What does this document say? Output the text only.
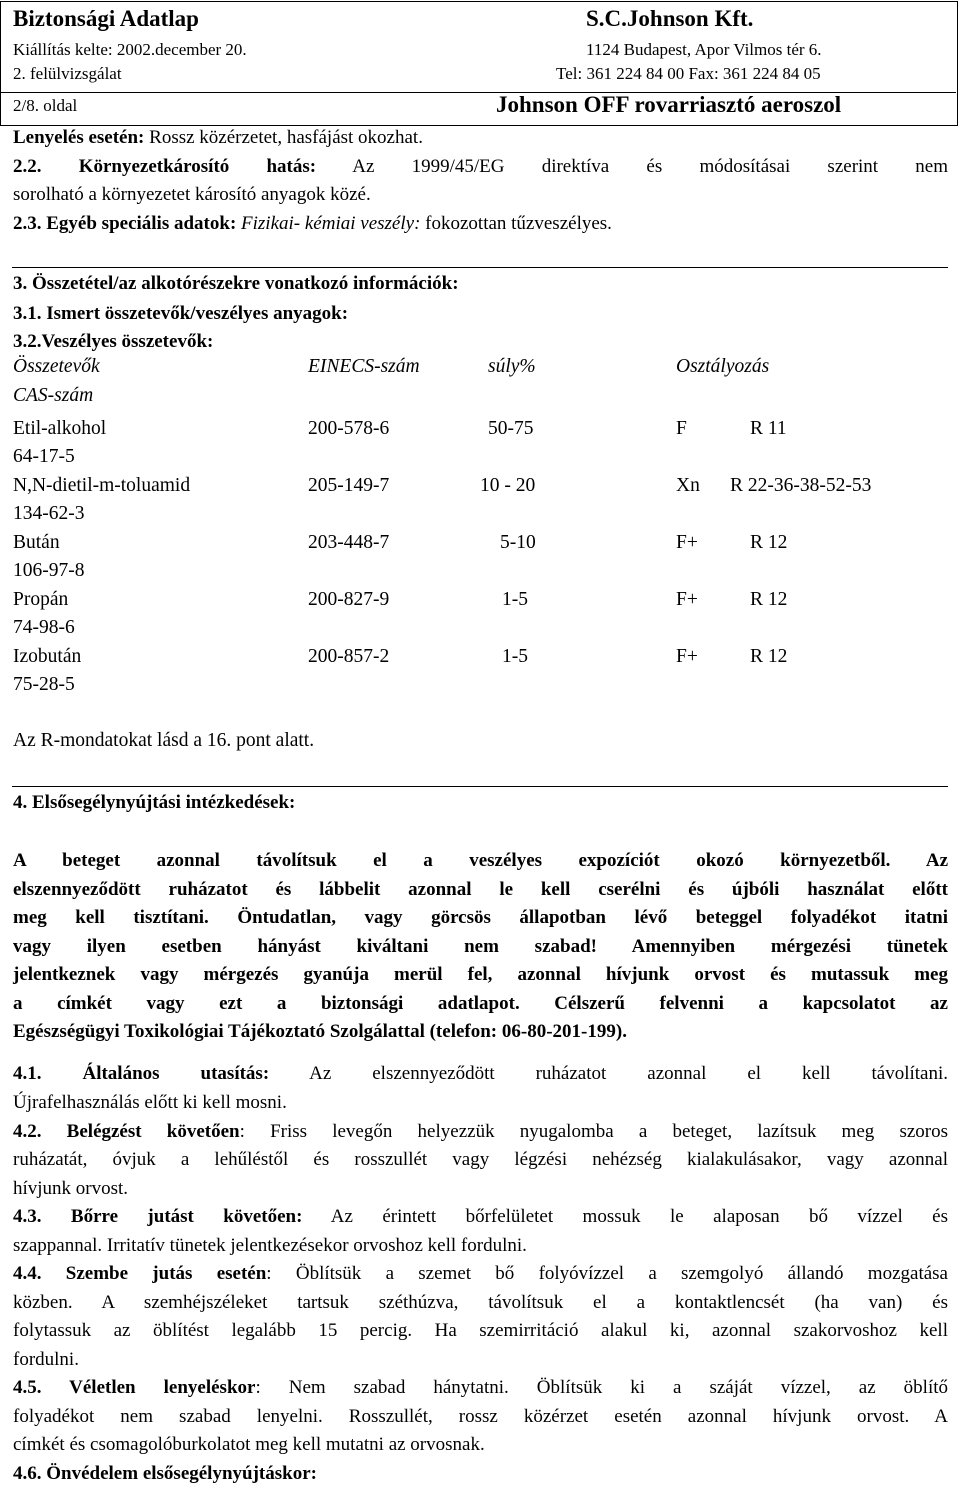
Biztonsági Adatlap	S.C.Johnson Kft.
Kiállítás kelte: 2002.december 20.	1124 Budapest, Apor Vilmos tér 6.
2. felülvizsgálat	Tel: 361 224 84 00 Fax: 361 224 84 05
2/8. oldal	Johnson OFF rovarriasztó aeroszol
Lenyelés esetén: Rossz közérzetet, hasfájást okozhat.
2.2. Környezetkárosító hatás: Az 1999/45/EG direktíva és módosításai szerint nem
sorolható a környezetet károsító anyagok közé.
2.3. Egyéb speciális adatok: Fizikai- kémiai veszély: fokozottan tűzveszélyes.
3. Összetétel/az alkotórészekre vonatkozó információk:
3.1. Ismert összetevők/veszélyes anyagok:
3.2.Veszélyes összetevők:
Összetevők	EINECS-szám	súly%	Osztályozás
CAS-szám
Etil-alkohol	200-578-6	50-75	F	R 11
64-17-5
N,N-dietil-m-toluamid	205-149-7	10 - 20	Xn R 22-36-38-52-53
134-62-3
Bután	203-448-7	5-10	F+	R 12
106-97-8
Propán	200-827-9	1-5	F+	R 12
74-98-6
Izobután	200-857-2	1-5	F+	R 12
75-28-5
Az R-mondatokat lásd a 16. pont alatt.
4. Elsősegélynyújtási intézkedések:
A beteget azonnal távolítsuk el a veszélyes expozíciót okozó környezetből. Az
elszennyeződött ruházatot és lábbelit azonnal le kell cserélni és újbóli használat előtt
meg kell tisztítani. Öntudatlan, vagy görcsös állapotban lévő beteggel folyadékot itatni
vagy ilyen esetben hányást kiváltani nem szabad! Amennyiben mérgezési tünetek
jelentkeznek vagy mérgezés gyanúja merül fel, azonnal hívjunk orvost és mutassuk meg
a címkét vagy ezt a biztonsági adatlapot. Célszerű felvenni a kapcsolatot az
Egészségügyi Toxikológiai Tájékoztató Szolgálattal (telefon: 06-80-201-199).
4.1. Általános utasítás: Az elszennyeződött ruházatot azonnal el kell távolítani.
Újrafelhasználás előtt ki kell mosni.
4.2. Belégzést követően: Friss levegőn helyezzük nyugalomba a beteget, lazítsuk meg szoros
ruházatát, óvjuk a lehűléstől és rosszullét vagy légzési nehézség kialakulásakor, vagy azonnal
hívjunk orvost.
4.3. Bőrre jutást követően: Az érintett bőrfelületet mossuk le alaposan bő vízzel és
szappannal. Irritatív tünetek jelentkezésekor orvoshoz kell fordulni.
4.4. Szembe jutás esetén: Öblítsük a szemet bő folyóvízzel a szemgolyó állandó mozgatása
közben. A szemhéjszéleket tartsuk széthúzva, távolítsuk el a kontaktlencsét (ha van) és
folytassuk az öblítést legalább 15 percig. Ha szemirritáció alakul ki, azonnal szakorvoshoz kell
fordulni.
4.5. Véletlen lenyeléskor: Nem szabad hánytatni. Öblítsük ki a száját vízzel, az öblítő
folyadékot nem szabad lenyelni. Rosszullét, rossz közérzet esetén azonnal hívjunk orvost. A
címkét és csomagolóburkolatot meg kell mutatni az orvosnak.
4.6. Önvédelem elsősegélynyújtáskor:
